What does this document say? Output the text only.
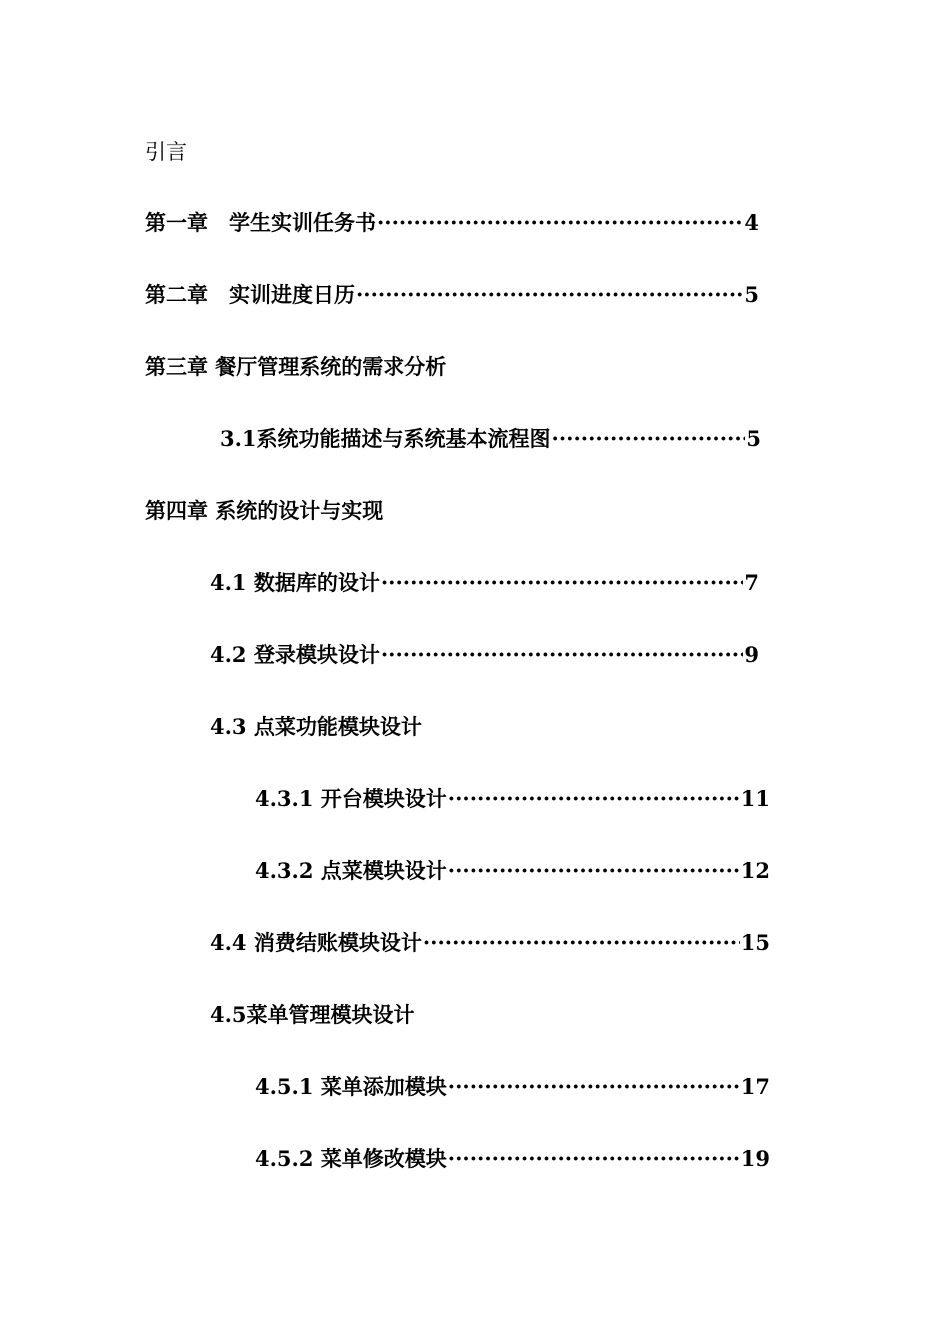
引言
第一章　学生实训任务书 ·····	4
第二章　实训进度日历 ·····	5
第三章 餐厅管理系统的需求分析
3.1系统功能描述与系统基本流程图 ·····	5
第四章 系统的设计与实现
4.1 数据库的设计 ·····	7
4.2 登录模块设计 ·····	9
4.3 点菜功能模块设计
4.3.1 开台模块设计 ·····	11
4.3.2 点菜模块设计 ·····	12
4.4 消费结账模块设计 ·····	15
4.5菜单管理模块设计
4.5.1 菜单添加模块 ·····	17
4.5.2 菜单修改模块 ·····	19
